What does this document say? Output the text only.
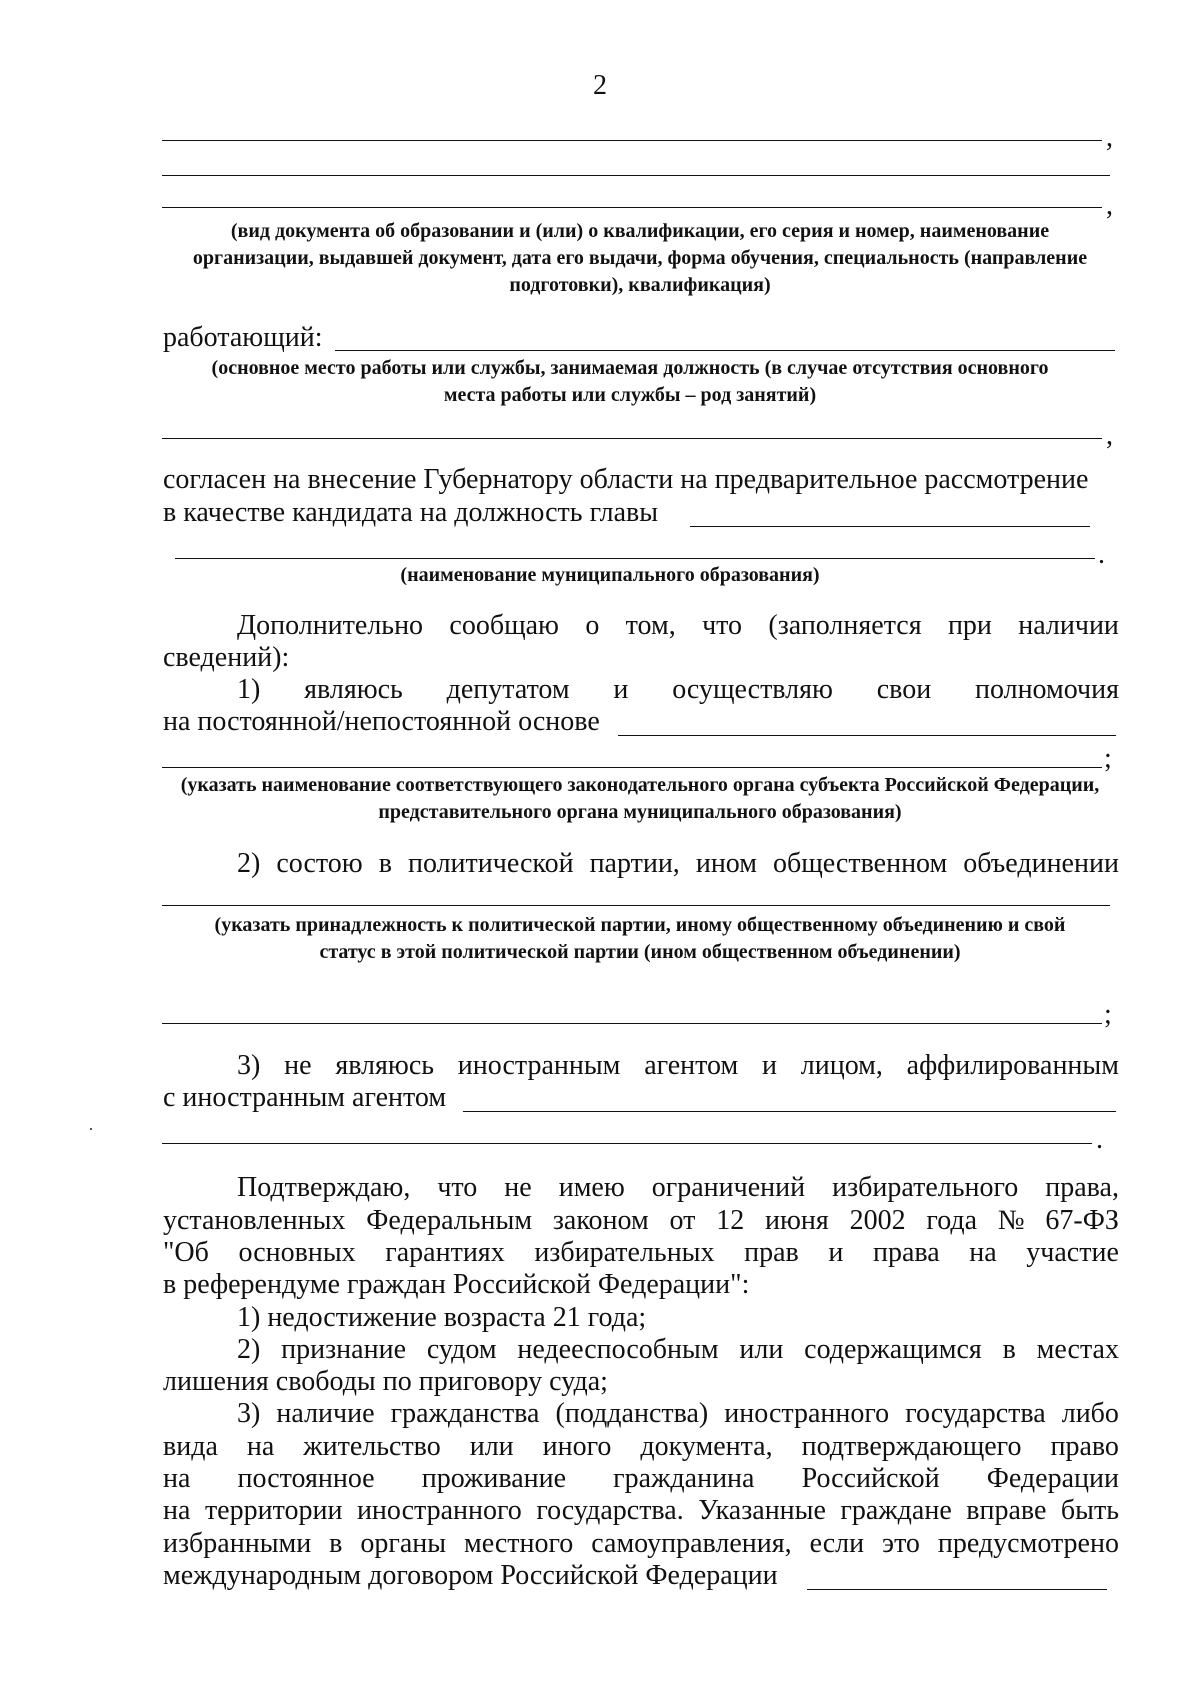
2
,
,
(вид документа об образовании и (или) о квалификации, его серия и номер, наименование организации, выдавшей документ, дата его выдачи, форма обучения, специальность (направление подготовки), квалификация)
работающий:
(основное место работы или службы, занимаемая должность (в случае отсутствия основного места работы или службы – род занятий)
,
согласен на внесение Губернатору области на предварительное рассмотрение
в качестве кандидата на должность главы
.
(наименование муниципального образования)
Дополнительно сообщаю о том, что (заполняется при наличии
сведений):
1) являюсь депутатом и осуществляю свои полномочия
на постоянной/непостоянной основе
;
(указать наименование соответствующего законодательного органа субъекта Российской Федерации, представительного органа муниципального образования)
2) состою в политической партии, ином общественном объединении
(указать принадлежность к политической партии, иному общественному объединению и свой статус в этой политической партии (ином общественном объединении)
;
3) не являюсь иностранным агентом и лицом, аффилированным
с иностранным агентом
.
Подтверждаю, что не имею ограничений избирательного права,
установленных Федеральным законом от 12 июня 2002 года № 67-ФЗ
"Об основных гарантиях избирательных прав и права на участие
в референдуме граждан Российской Федерации":
1) недостижение возраста 21 года;
2) признание судом недееспособным или содержащимся в местах
лишения свободы по приговору суда;
3) наличие гражданства (подданства) иностранного государства либо
вида на жительство или иного документа, подтверждающего право
на постоянное проживание гражданина Российской Федерации
на территории иностранного государства. Указанные граждане вправе быть
избранными в органы местного самоуправления, если это предусмотрено
международным договором Российской Федерации
